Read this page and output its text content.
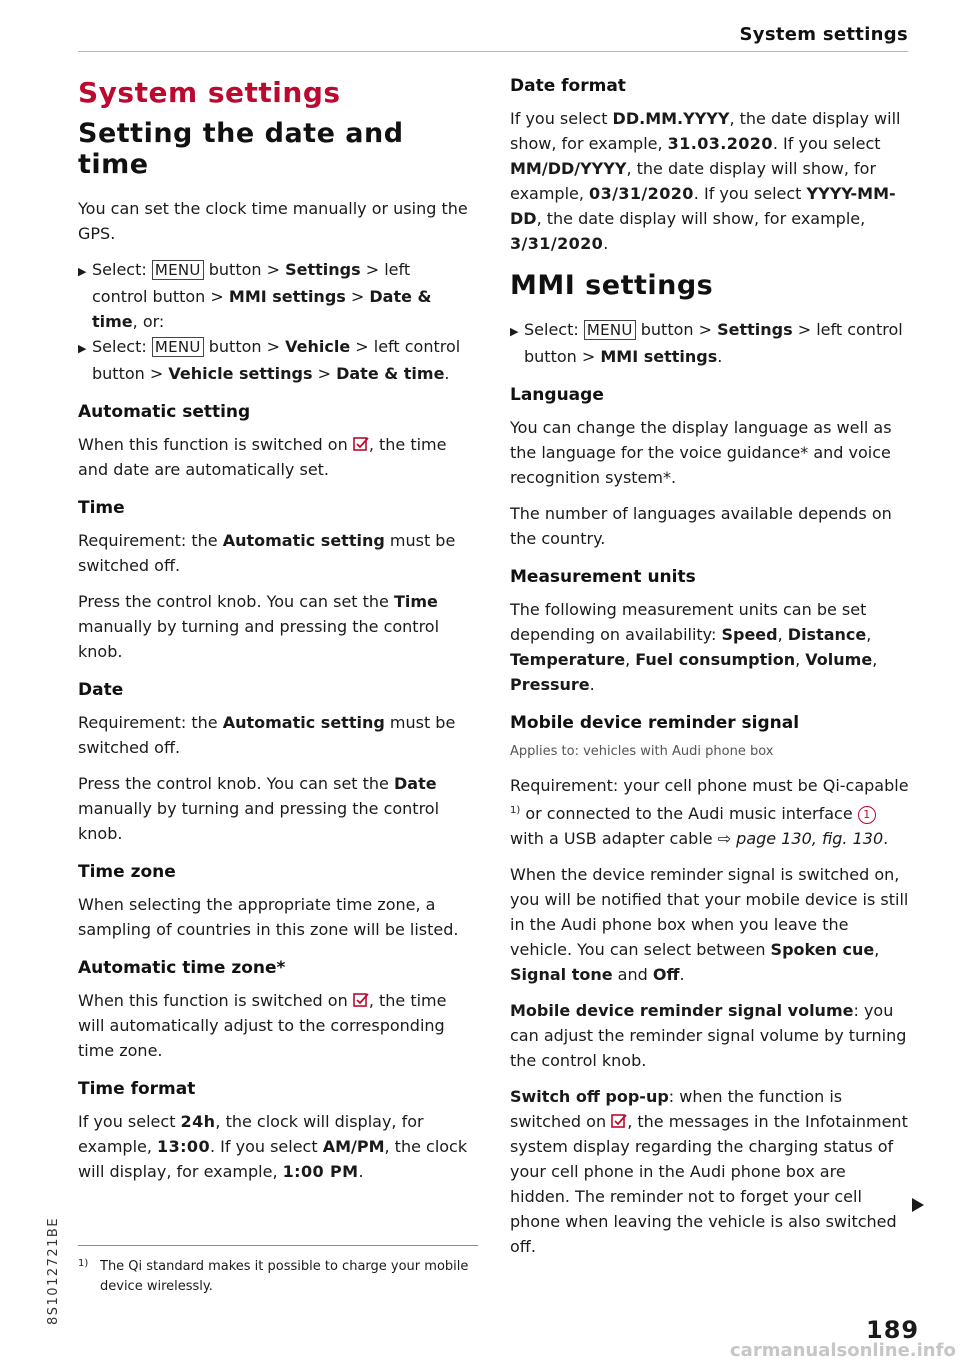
System settings
System settings
Setting the date and time

You can set the clock time manually or using the GPS.

▶ Select: MENU button > Settings > left control button > MMI settings > Date & time, or:

▶ Select: MENU button > Vehicle > left control button > Vehicle settings > Date & time.

Automatic setting

When this function is switched on , the time and date are automatically set.

Time

Requirement: the Automatic setting must be switched off.

Press the control knob. You can set the Time manually by turning and pressing the control knob.

Date

Requirement: the Automatic setting must be switched off.

Press the control knob. You can set the Date manually by turning and pressing the control knob.

Time zone

When selecting the appropriate time zone, a sampling of countries in this zone will be listed.

Automatic time zone*

When this function is switched on , the time will automatically adjust to the corresponding time zone.

Time format

If you select 24h, the clock will display, for example, 13:00. If you select AM/PM, the clock will display, for example, 1:00 PM.

Date format

If you select DD.MM.YYYY, the date display will show, for example, 31.03.2020. If you select MM/DD/YYYY, the date display will show, for example, 03/31/2020. If you select YYYY-MM-DD, the date display will show, for example, 3/31/2020.

MMI settings

▶ Select: MENU button > Settings > left control button > MMI settings.

Language

You can change the display language as well as the language for the voice guidance* and voice recognition system*.

The number of languages available depends on the country.

Measurement units

The following measurement units can be set depending on availability: Speed, Distance, Temperature, Fuel consumption, Volume, Pressure.

Mobile device reminder signal

Applies to: vehicles with Audi phone box

Requirement: your cell phone must be Qi-capable $^{1)}$ or connected to the Audi music interface 1 with a USB adapter cable ⇨ page 130, fig. 130.

When the device reminder signal is switched on, you will be notified that your mobile device is still in the Audi phone box when you leave the vehicle. You can select between Spoken cue, Signal tone and Off.

Mobile device reminder signal volume: you can adjust the reminder signal volume by turning the control knob.

Switch off pop-up: when the function is switched on , the messages in the Infotainment system display regarding the charging status of your cell phone in the Audi phone box are hidden. The reminder not to forget your cell phone when leaving the vehicle is also switched off.

1) The Qi standard makes it possible to charge your mobile device wirelessly.
8S1012721BE
189
carmanualsonline.info
